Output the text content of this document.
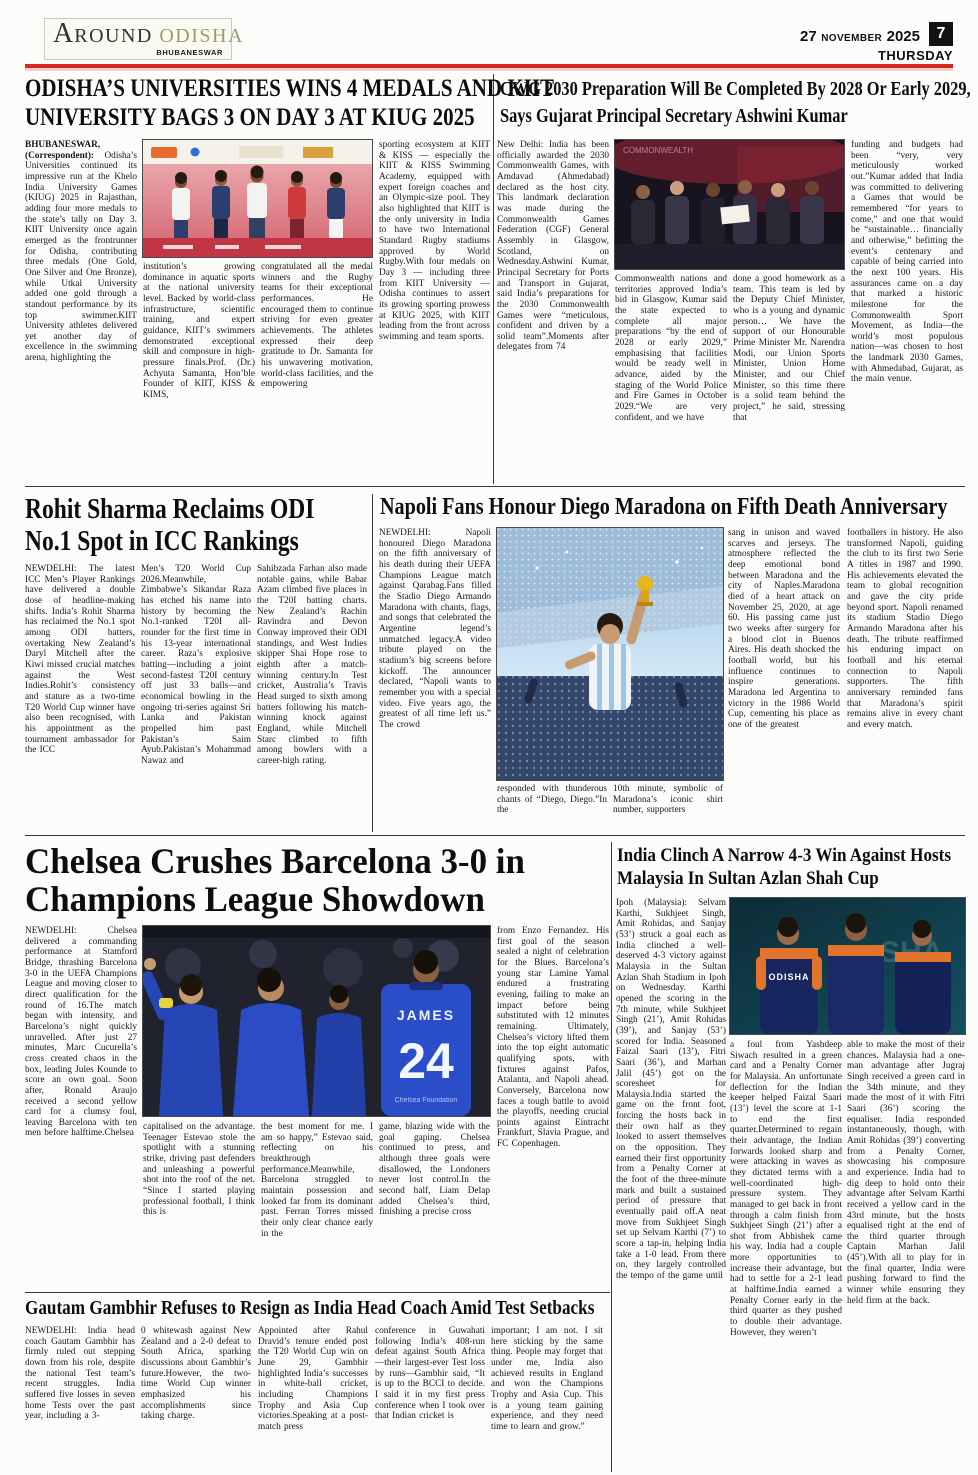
AROUND ODISHA
BHUBANESWAR
27 NOVEMBER 2025	7
THURSDAY
ODISHA’S UNIVERSITIES WINS 4 MEDALS AND KIIT
UNIVERSITY BAGS 3 ON DAY 3 AT KIUG 2025
BHUBANESWAR, (Correspondent): Odisha’s Universities continued its impressive run at the Khelo India University Games (KIUG) 2025 in Rajasthan, adding four more medals to the state’s tally on Day 3. KIIT University once again emerged as the frontrunner for Odisha, contributing three medals (One Gold, One Silver and One Bronze), while Utkal University added one gold through a standout performance by its top swimmer.KIIT University athletes delivered yet another day of excellence in the swimming arena, highlighting the
institution’s growing dominance in aquatic sports at the national university level. Backed by world-class infrastructure, scientific training, and expert guidance, KIIT’s swimmers demonstrated exceptional skill and composure in high-pressure finals.Prof. (Dr.) Achyuta Samanta, Hon’ble Founder of KIIT, KISS & KIMS,
congratulated all the medal winners and the Rugby teams for their exceptional performances. He encouraged them to continue striving for even greater achievements. The athletes expressed their deep gratitude to Dr. Samanta for his unwavering motivation, world-class facilities, and the empowering
sporting ecosystem at KIIT & KISS — especially the KIIT & KISS Swimming Academy, equipped with expert foreign coaches and an Olympic-size pool. They also highlighted that KIIT is the only university in India to have two International Standard Rugby stadiums approved by World Rugby.With four medals on Day 3 — including three from KIIT University — Odisha continues to assert its growing sporting prowess at KIUG 2025, with KIIT leading from the front across swimming and team sports.
CWG 2030 Preparation Will Be Completed By 2028 Or Early 2029,
Says Gujarat Principal Secretary Ashwini Kumar
New Delhi: India has been officially awarded the 2030 Commonwealth Games, with Amdavad (Ahmedabad) declared as the host city. This landmark declaration was made during the Commonwealth Games Federation (CGF) General Assembly in Glasgow, Scotland, on Wednesday.Ashwini Kumar, Principal Secretary for Ports and Transport in Gujarat, said India’s preparations for the 2030 Commonwealth Games were “meticulous, confident and driven by a solid team”.Moments after delegates from 74
COMMONWEALTH
Commonwealth nations and territories approved India’s bid in Glasgow, Kumar said the state expected to complete all major preparations “by the end of 2028 or early 2029,” emphasising that facilities would be ready well in advance, aided by the staging of the World Police and Fire Games in October 2029.“We are very confident, and we have
done a good homework as a team. This team is led by the Deputy Chief Minister, who is a young and dynamic person… We have the support of our Honourable Prime Minister Mr. Narendra Modi, our Union Sports Minister, Union Home Minister, and our Chief Minister, so this time there is a solid team behind the project,” he said, stressing that
funding and budgets had been “very, very meticulously worked out.”Kumar added that India was committed to delivering a Games that would be remembered “for years to come,” and one that would be “sustainable… financially and otherwise,” befitting the event’s centenary and capable of being carried into the next 100 years. His assurances came on a day that marked a historic milestone for the Commonwealth Sport Movement, as India—the world’s most populous nation—was chosen to host the landmark 2030 Games, with Ahmedabad, Gujarat, as the main venue.
Rohit Sharma Reclaims ODI
No.1 Spot in ICC Rankings
NEWDELHI: The latest ICC Men’s Player Rankings have delivered a double dose of headline-making shifts. India’s Rohit Sharma has reclaimed the No.1 spot among ODI batters, overtaking New Zealand’s Daryl Mitchell after the Kiwi missed crucial matches against the West Indies.Rohit’s consistency and stature as a two-time T20 World Cup winner have also been recognised, with his appointment as the tournament ambassador for the ICC
Men’s T20 World Cup 2026.Meanwhile, Zimbabwe’s Sikandar Raza has etched his name into history by becoming the No.1-ranked T20I all-rounder for the first time in his 13-year international career. Raza’s explosive batting—including a joint second-fastest T20I century off just 33 balls—and economical bowling in the ongoing tri-series against Sri Lanka and Pakistan propelled him past Pakistan’s Saim Ayub.Pakistan’s Mohammad Nawaz and
Sahibzada Farhan also made notable gains, while Babar Azam climbed five places in the T20I batting charts. New Zealand’s Rachin Ravindra and Devon Conway improved their ODI standings, and West Indies skipper Shai Hope rose to eighth after a match-winning century.In Test cricket, Australia’s Travis Head surged to sixth among batters following his match-winning knock against England, while Mitchell Starc climbed to fifth among bowlers with a career-high rating.
Napoli Fans Honour Diego Maradona on Fifth Death Anniversary
NEWDELHI: Napoli honoured Diego Maradona on the fifth anniversary of his death during their UEFA Champions League match against Qarabag.Fans filled the Stadio Diego Armando Maradona with chants, flags, and songs that celebrated the Argentine legend’s unmatched legacy.A video tribute played on the stadium’s big screens before kickoff. The announcer declared, “Napoli wants to remember you with a special video. Five years ago, the greatest of all time left us.” The crowd
responded with thunderous chants of “Diego, Diego.”In the
10th minute, symbolic of Maradona’s iconic shirt number, supporters
sang in unison and waved scarves and jerseys. The atmosphere reflected the deep emotional bond between Maradona and the city of Naples.Maradona died of a heart attack on November 25, 2020, at age 60. His passing came just two weeks after surgery for a blood clot in Buenos Aires. His death shocked the football world, but his influence continues to inspire generations. Maradona led Argentina to victory in the 1986 World Cup, cementing his place as one of the greatest
footballers in history. He also transformed Napoli, guiding the club to its first two Serie A titles in 1987 and 1990. His achievements elevated the team to global recognition and gave the city pride beyond sport. Napoli renamed its stadium Stadio Diego Armando Maradona after his death. The tribute reaffirmed his enduring impact on football and his eternal connection to Napoli supporters. The fifth anniversary reminded fans that Maradona’s spirit remains alive in every chant and every match.
Chelsea Crushes Barcelona 3-0 in
Champions League Showdown
NEWDELHI: Chelsea delivered a commanding performance at Stamford Bridge, thrashing Barcelona 3-0 in the UEFA Champions League and moving closer to direct qualification for the round of 16.The match began with intensity, and Barcelona’s night quickly unravelled. After just 27 minutes, Marc Cucurella’s cross created chaos in the box, leading Jules Kounde to score an own goal. Soon after, Ronald Araujo received a second yellow card for a clumsy foul, leaving Barcelona with ten men before halftime.Chelsea
JAMES
24
Chelsea Foundation
capitalised on the advantage. Teenager Estevao stole the spotlight with a stunning strike, driving past defenders and unleashing a powerful shot into the roof of the net. “Since I started playing professional football, I think this is
the best moment for me. I am so happy,” Estevao said, reflecting on his breakthrough performance.Meanwhile, Barcelona struggled to maintain possession and looked far from its dominant past. Ferran Torres missed their only clear chance early in the
game, blazing wide with the goal gaping. Chelsea continued to press, and although three goals were disallowed, the Londoners never lost control.In the second half, Liam Delap added Chelsea’s third, finishing a precise cross
from Enzo Fernandez. His first goal of the season sealed a night of celebration for the Blues. Barcelona’s young star Lamine Yamal endured a frustrating evening, failing to make an impact before being substituted with 12 minutes remaining. Ultimately, Chelsea’s victory lifted them into the top eight automatic qualifying spots, with fixtures against Pafos, Atalanta, and Napoli ahead. Conversely, Barcelona now faces a tough battle to avoid the playoffs, needing crucial points against Eintracht Frankfurt, Slavia Prague, and FC Copenhagen.
India Clinch A Narrow 4-3 Win Against Hosts
Malaysia In Sultan Azlan Shah Cup
Ipoh (Malaysia): Selvam Karthi, Sukhjeet Singh, Amit Rohidas, and Sanjay (53’) struck a goal each as India clinched a well-deserved 4-3 victory against Malaysia in the Sultan Azlan Shah Stadium in Ipoh on Wednesday. Karthi opened the scoring in the 7th minute, while Sukhjeet Singh (21’), Amit Rohidas (39’), and Sanjay (53’) scored for India. Seasoned Faizal Saari (13’), Fitri Saari (36’), and Marhan Jalil (45’) got on the scoresheet for Malaysia.India started the game on the front foot, forcing the hosts back in their own half as they looked to assert themselves on the opposition. They earned their first opportunity from a Penalty Corner at the foot of the three-minute mark and built a sustained period of pressure that eventually paid off.A neat move from Sukhjeet Singh set up Selvam Karthi (7’) to score a tap-in, helping India take a 1-0 lead. From there on, they largely controlled the tempo of the game until
ODISHA
a foul from Yashdeep Siwach resulted in a green card and a Penalty Corner for Malaysia. An unfortunate deflection for the Indian keeper helped Faizal Saari (13’) level the score at 1-1 to end the first quarter.Determined to regain their advantage, the Indian forwards looked sharp and were attacking in waves as they dictated terms with a well-coordinated high-pressure system. They managed to get back in front through a calm finish from Sukhjeet Singh (21’) after a shot from Abhishek came his way. India had a couple more opportunities to increase their advantage, but had to settle for a 2-1 lead at halftime.India earned a Penalty Corner early in the third quarter as they pushed to double their advantage. However, they weren’t
able to make the most of their chances. Malaysia had a one-man advantage after Jugraj Singh received a green card in the 34th minute, and they made the most of it with Fitri Saari (36’) scoring the equaliser. India responded instantaneously, though, with Amit Rohidas (39’) converting from a Penalty Corner, showcasing his composure and experience. India had to dig deep to hold onto their advantage after Selvam Karthi received a yellow card in the 43rd minute, but the hosts equalised right at the end of the third quarter through Captain Marhan Jalil (45’).With all to play for in the final quarter, India were pushing forward to find the winner while ensuring they held firm at the back.
Gautam Gambhir Refuses to Resign as India Head Coach Amid Test Setbacks
NEWDELHI: India head coach Gautam Gambhir has firmly ruled out stepping down from his role, despite the national Test team’s recent struggles. India suffered five losses in seven home Tests over the past year, including a 3-
0 whitewash against New Zealand and a 2-0 defeat to South Africa, sparking discussions about Gambhir’s future.However, the two-time World Cup winner emphasized his accomplishments since taking charge.
Appointed after Rahul Dravid’s tenure ended post the T20 World Cup win on June 29, Gambhir highlighted India’s successes in white-ball cricket, including Champions Trophy and Asia Cup victories.Speaking at a post-match press
conference in Guwahati following India’s 408-run defeat against South Africa—their largest-ever Test loss by runs—Gambhir said, “It is up to the BCCI to decide. I said it in my first press conference when I took over that Indian cricket is
important; I am not. I sit here sticking by the same thing. People may forget that under me, India also achieved results in England and won the Champions Trophy and Asia Cup. This is a young team gaining experience, and they need time to learn and grow.”
